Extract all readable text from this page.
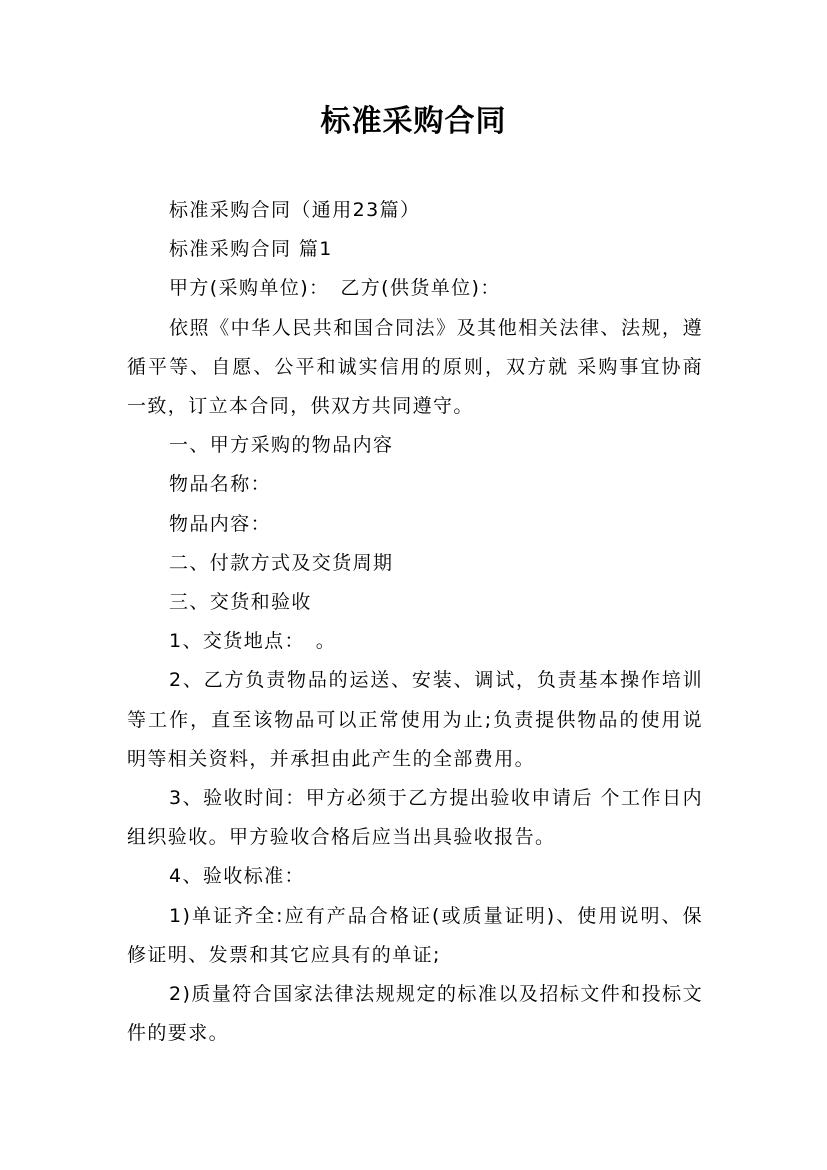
标准采购合同

标准采购合同（通用23篇）

标准采购合同 篇1

甲方(采购单位)：　乙方(供货单位)：

依照《中华人民共和国合同法》及其他相关法律、法规，遵循平等、自愿、公平和诚实信用的原则，双方就 采购事宜协商一致，订立本合同，供双方共同遵守。

一、甲方采购的物品内容

物品名称：

物品内容：

二、付款方式及交货周期

三、交货和验收

1、交货地点：　。

2、乙方负责物品的运送、安装、调试，负责基本操作培训等工作，直至该物品可以正常使用为止;负责提供物品的使用说明等相关资料，并承担由此产生的全部费用。

3、验收时间：甲方必须于乙方提出验收申请后 个工作日内组织验收。甲方验收合格后应当出具验收报告。

4、验收标准：

1)单证齐全:应有产品合格证(或质量证明)、使用说明、保修证明、发票和其它应具有的单证;

2)质量符合国家法律法规规定的标准以及招标文件和投标文件的要求。
